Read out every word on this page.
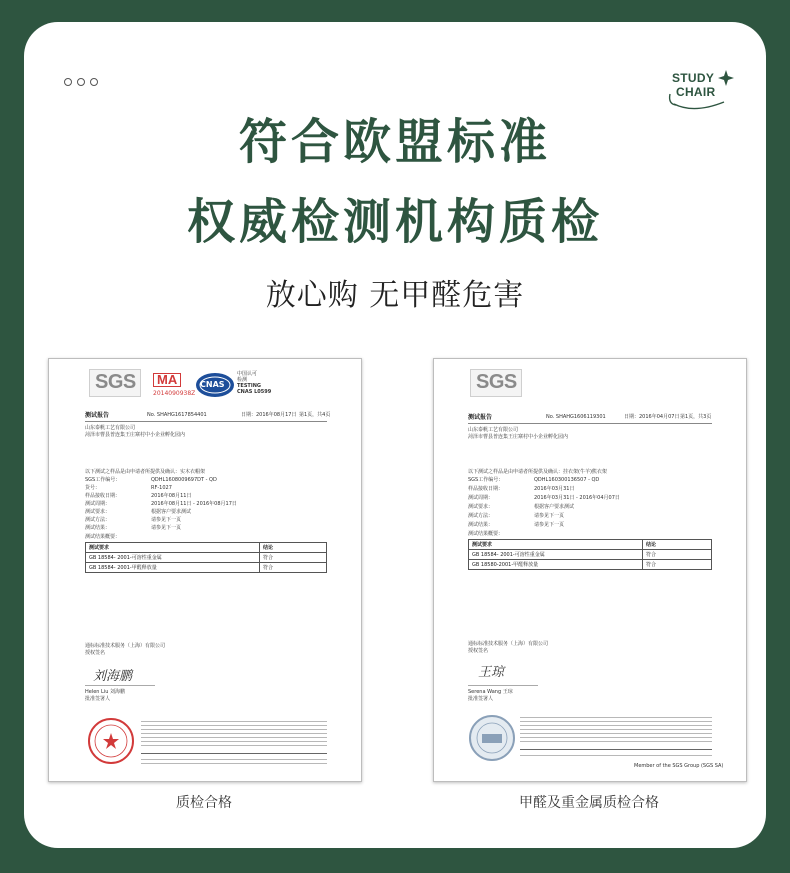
STUDY
CHAIR
符合欧盟标准
权威检测机构质检
放心购 无甲醛危害
SGS	MA
2014090938Z
CNAS
中国认可
检测
TESTING
CNAS L0599
测试报告	No. SHAHG1617854401	日期：2016年08月17日 第1页，共4页
山东泰帆工艺有限公司
菏泽市曹县普连集王庄寨村中小企业孵化园内
以下测试之样品是由申请者所提供及确认：实木衣帽架
SGS工作编号：	QDHL1608009697DT - QD
货号：	RF-1027
样品接收日期：	2016年08月11日
测试周期：	2016年08月11日 - 2016年08月17日
测试要求：	根据客户要求测试
测试方法：	请参见下一页
测试结果：	请参见下一页
测试结果概要：
测试要求	结论
GB 18584- 2001-可溶性重金属	符合
GB 18584- 2001-甲醛释放量	符合
通标标准技术服务（上海）有限公司
授权签名
刘海鹏
Helen Liu 刘海鹏
批准签署人
质检合格
SGS
测试报告	No. SHAHG1606119301	日期：2016年04月07日 第1页，共3页
山东泰帆工艺有限公司
菏泽市曹县普连集王庄寨村中小企业孵化园内
以下测试之样品是由申请者所提供及确认：挂衣架(牛羊)熊衣架
SGS工作编号：	QDHL160300136507 - QD
样品接收日期：	2016年03月31日
测试周期：	2016年03月31日 - 2016年04月07日
测试要求：	根据客户要求测试
测试方法：	请参见下一页
测试结果：	请参见下一页
测试结果概要：
测试要求	结论
GB 18584- 2001-可溶性重金属	符合
GB 18580-2001-甲醛释放量	符合
通标标准技术服务（上海）有限公司
授权签名
王琼
Serena Wang 王琼
批准签署人
Member of the SGS Group (SGS SA)
甲醛及重金属质检合格
